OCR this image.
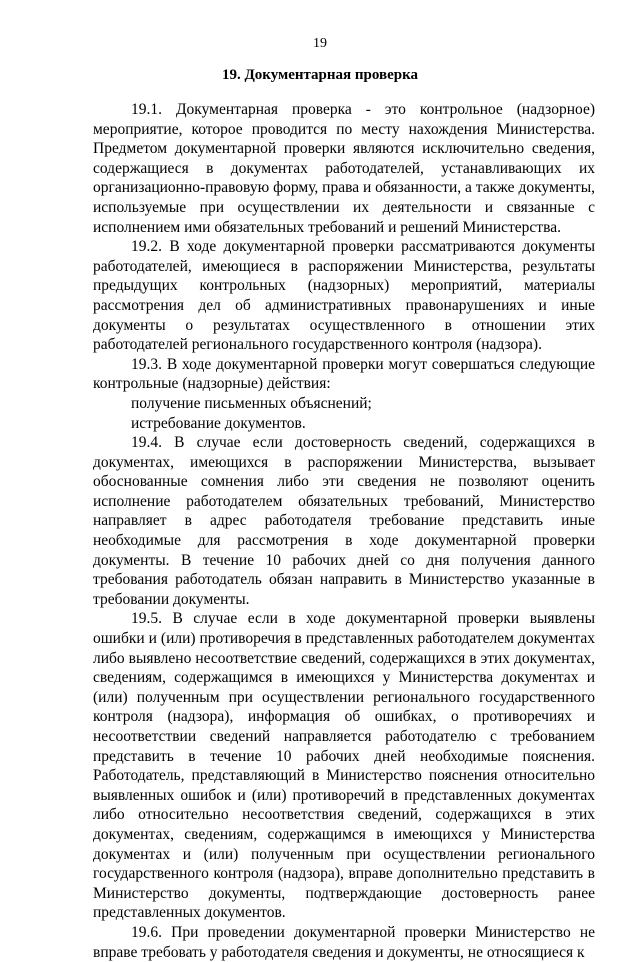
19
19. Документарная проверка

19.1. Документарная проверка - это контрольное (надзорное) мероприятие, которое проводится по месту нахождения Министерства. Предметом документарной проверки являются исключительно сведения, содержащиеся в документах работодателей, устанавливающих их организационно-правовую форму, права и обязанности, а также документы, используемые при осуществлении их деятельности и связанные с исполнением ими обязательных требований и решений Министерства.

19.2. В ходе документарной проверки рассматриваются документы работодателей, имеющиеся в распоряжении Министерства, результаты предыдущих контрольных (надзорных) мероприятий, материалы рассмотрения дел об административных правонарушениях и иные документы о результатах осуществленного в отношении этих работодателей регионального государственного контроля (надзора).

19.3. В ходе документарной проверки могут совершаться следующие контрольные (надзорные) действия:

получение письменных объяснений;

истребование документов.

19.4. В случае если достоверность сведений, содержащихся в документах, имеющихся в распоряжении Министерства, вызывает обоснованные сомнения либо эти сведения не позволяют оценить исполнение работодателем обязательных требований, Министерство направляет в адрес работодателя требование представить иные необходимые для рассмотрения в ходе документарной проверки документы. В течение 10 рабочих дней со дня получения данного требования работодатель обязан направить в Министерство указанные в требовании документы.

19.5. В случае если в ходе документарной проверки выявлены ошибки и (или) противоречия в представленных работодателем документах либо выявлено несоответствие сведений, содержащихся в этих документах, сведениям, содержащимся в имеющихся у Министерства документах и (или) полученным при осуществлении регионального государственного контроля (надзора), информация об ошибках, о противоречиях и несоответствии сведений направляется работодателю с требованием представить в течение 10 рабочих дней необходимые пояснения. Работодатель, представляющий в Министерство пояснения относительно выявленных ошибок и (или) противоречий в представленных документах либо относительно несоответствия сведений, содержащихся в этих документах, сведениям, содержащимся в имеющихся у Министерства документах и (или) полученным при осуществлении регионального государственного контроля (надзора), вправе дополнительно представить в Министерство документы, подтверждающие достоверность ранее представленных документов.

19.6. При проведении документарной проверки Министерство не вправе требовать у работодателя сведения и документы, не относящиеся к
